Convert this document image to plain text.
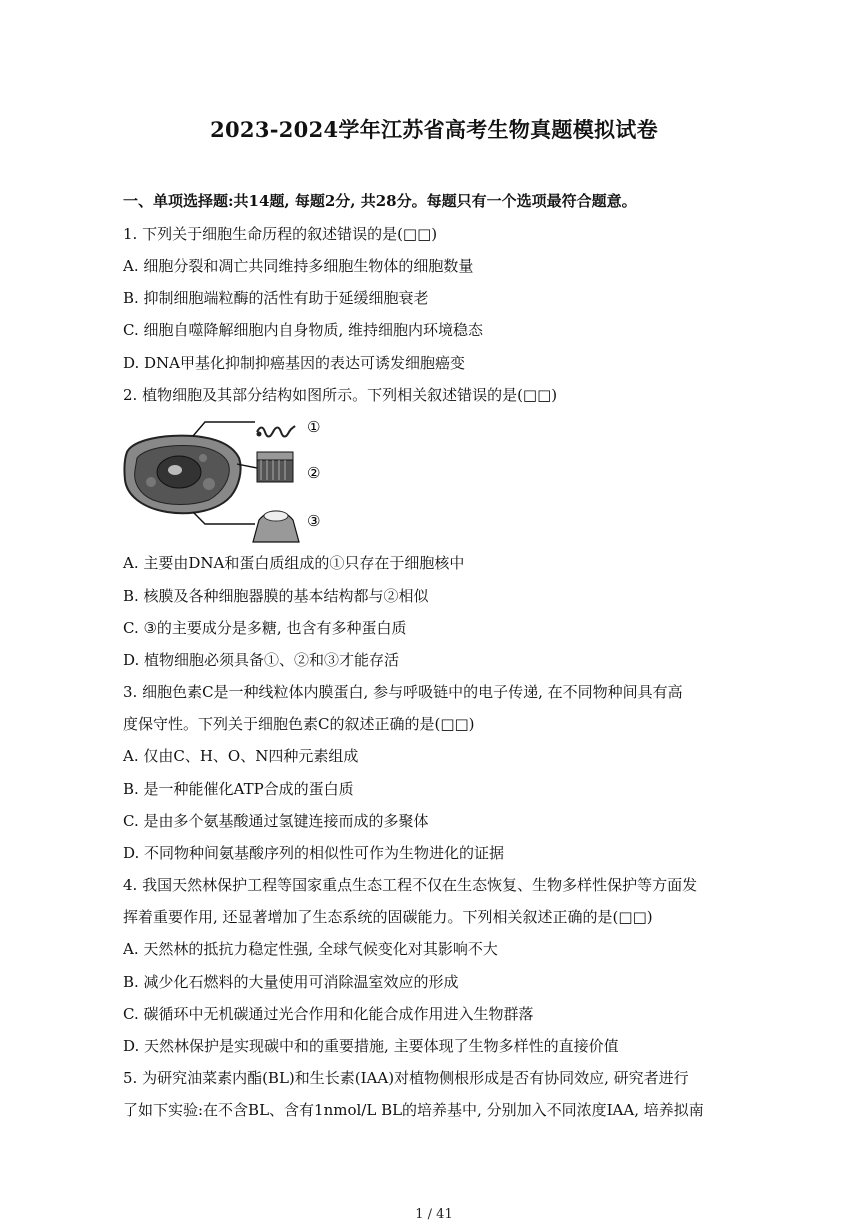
2023-2024学年江苏省高考生物真题模拟试卷
一、单项选择题:共14题, 每题2分, 共28分。每题只有一个选项最符合题意。
1. 下列关于细胞生命历程的叙述错误的是(□□)
A. 细胞分裂和凋亡共同维持多细胞生物体的细胞数量
B. 抑制细胞端粒酶的活性有助于延缓细胞衰老
C. 细胞自噬降解细胞内自身物质, 维持细胞内环境稳态
D. DNA甲基化抑制抑癌基因的表达可诱发细胞癌变
2. 植物细胞及其部分结构如图所示。下列相关叙述错误的是(□□)
①
②
③
A. 主要由DNA和蛋白质组成的①只存在于细胞核中
B. 核膜及各种细胞器膜的基本结构都与②相似
C. ③的主要成分是多糖, 也含有多种蛋白质
D. 植物细胞必须具备①、②和③才能存活
3. 细胞色素C是一种线粒体内膜蛋白, 参与呼吸链中的电子传递, 在不同物种间具有高
度保守性。下列关于细胞色素C的叙述正确的是(□□)
A. 仅由C、H、O、N四种元素组成
B. 是一种能催化ATP合成的蛋白质
C. 是由多个氨基酸通过氢键连接而成的多聚体
D. 不同物种间氨基酸序列的相似性可作为生物进化的证据
4. 我国天然林保护工程等国家重点生态工程不仅在生态恢复、生物多样性保护等方面发
挥着重要作用, 还显著增加了生态系统的固碳能力。下列相关叙述正确的是(□□)
A. 天然林的抵抗力稳定性强, 全球气候变化对其影响不大
B. 减少化石燃料的大量使用可消除温室效应的形成
C. 碳循环中无机碳通过光合作用和化能合成作用进入生物群落
D. 天然林保护是实现碳中和的重要措施, 主要体现了生物多样性的直接价值
5. 为研究油菜素内酯(BL)和生长素(IAA)对植物侧根形成是否有协同效应, 研究者进行
了如下实验:在不含BL、含有1nmol/L BL的培养基中, 分别加入不同浓度IAA, 培养拟南
1 / 41
